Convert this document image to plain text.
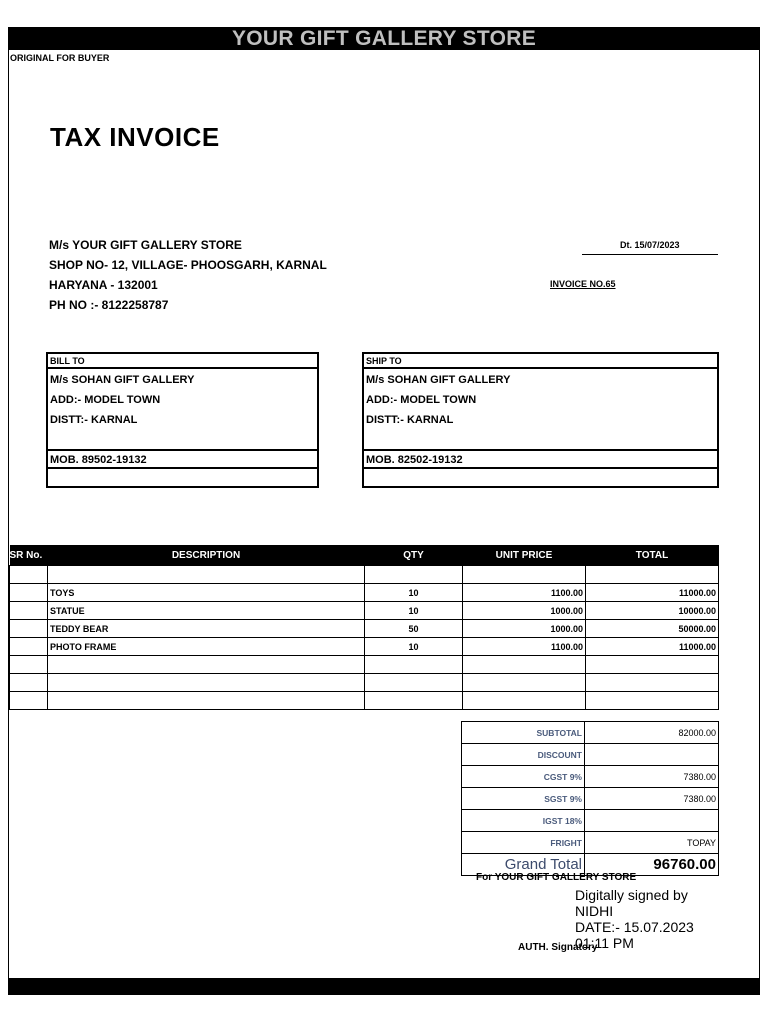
YOUR GIFT GALLERY STORE
ORIGINAL FOR BUYER
TAX INVOICE
M/s YOUR GIFT GALLERY STORE
SHOP NO- 12, VILLAGE- PHOOSGARH, KARNAL
HARYANA - 132001
PH NO :- 8122258787
Dt. 15/07/2023
INVOICE NO.65
BILL TO
M/s SOHAN GIFT GALLERY
ADD:- MODEL TOWN
DISTT:- KARNAL
MOB. 89502-19132
SHIP TO
M/s SOHAN GIFT GALLERY
ADD:- MODEL TOWN
DISTT:- KARNAL
MOB. 82502-19132
SR No.	DESCRIPTION	QTY	UNIT PRICE	TOTAL

	TOYS	10	1100.00	11000.00
	STATUE	10	1000.00	10000.00
	TEDDY BEAR	50	1000.00	50000.00
	PHOTO FRAME	10	1100.00	11000.00

SUBTOTAL	82000.00
DISCOUNT	
CGST 9%	7380.00
SGST 9%	7380.00
IGST 18%	
FRIGHT	TOPAY
Grand Total	96760.00
For YOUR GIFT GALLERY STORE
Digitally signed by
NIDHI
DATE:- 15.07.2023
01:11 PM
AUTH. Signatory
